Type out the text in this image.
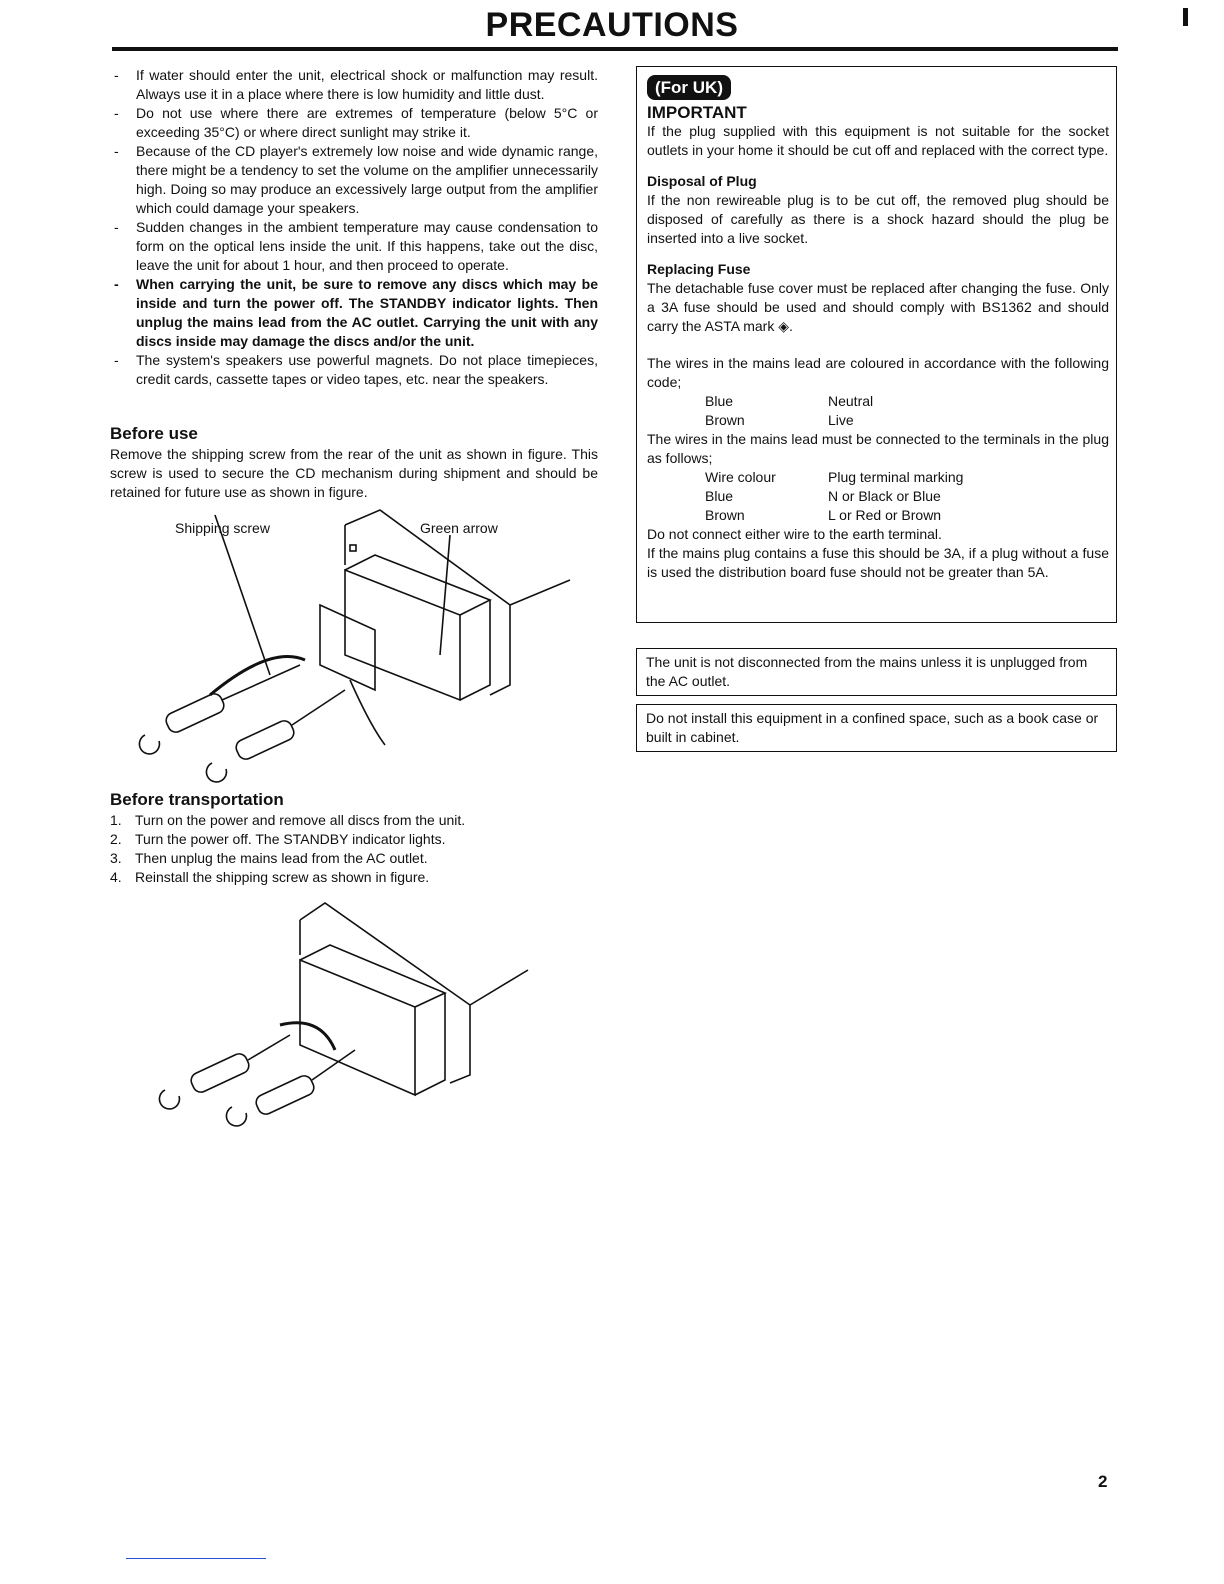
PRECAUTIONS
- If water should enter the unit, electrical shock or malfunction may result. Always use it in a place where there is low humidity and little dust.
- Do not use where there are extremes of temperature (below 5°C or exceeding 35°C) or where direct sunlight may strike it.
- Because of the CD player's extremely low noise and wide dynamic range, there might be a tendency to set the volume on the amplifier unnecessarily high. Doing so may produce an excessively large output from the amplifier which could damage your speakers.
- Sudden changes in the ambient temperature may cause condensation to form on the optical lens inside the unit. If this happens, take out the disc, leave the unit for about 1 hour, and then proceed to operate.
- When carrying the unit, be sure to remove any discs which may be inside and turn the power off. The STANDBY indicator lights. Then unplug the mains lead from the AC outlet. Carrying the unit with any discs inside may damage the discs and/or the unit.
- The system's speakers use powerful magnets. Do not place timepieces, credit cards, cassette tapes or video tapes, etc. near the speakers.
Before use

Remove the shipping screw from the rear of the unit as shown in figure. This screw is used to secure the CD mechanism during shipment and should be retained for future use as shown in figure.

Shipping screw	Green arrow
Before transportation
1. Turn on the power and remove all discs from the unit.
2. Turn the power off. The STANDBY indicator lights.
3. Then unplug the mains lead from the AC outlet.
4. Reinstall the shipping screw as shown in figure.
(For UK)
IMPORTANT

If the plug supplied with this equipment is not suitable for the socket outlets in your home it should be cut off and replaced with the correct type.

Disposal of Plug

If the non rewireable plug is to be cut off, the removed plug should be disposed of carefully as there is a shock hazard should the plug be inserted into a live socket.

Replacing Fuse

The detachable fuse cover must be replaced after changing the fuse. Only a 3A fuse should be used and should comply with BS1362 and should carry the ASTA mark ◈.

The wires in the mains lead are coloured in accordance with the following code;

Blue	Neutral
Brown	Live

The wires in the mains lead must be connected to the terminals in the plug as follows;

Wire colour	Plug terminal marking
Blue	N or Black or Blue
Brown	L or Red or Brown

Do not connect either wire to the earth terminal.

If the mains plug contains a fuse this should be 3A, if a plug without a fuse is used the distribution board fuse should not be greater than 5A.

The unit is not disconnected from the mains unless it is unplugged from the AC outlet.
Do not install this equipment in a confined space, such as a book case or built in cabinet.
2
